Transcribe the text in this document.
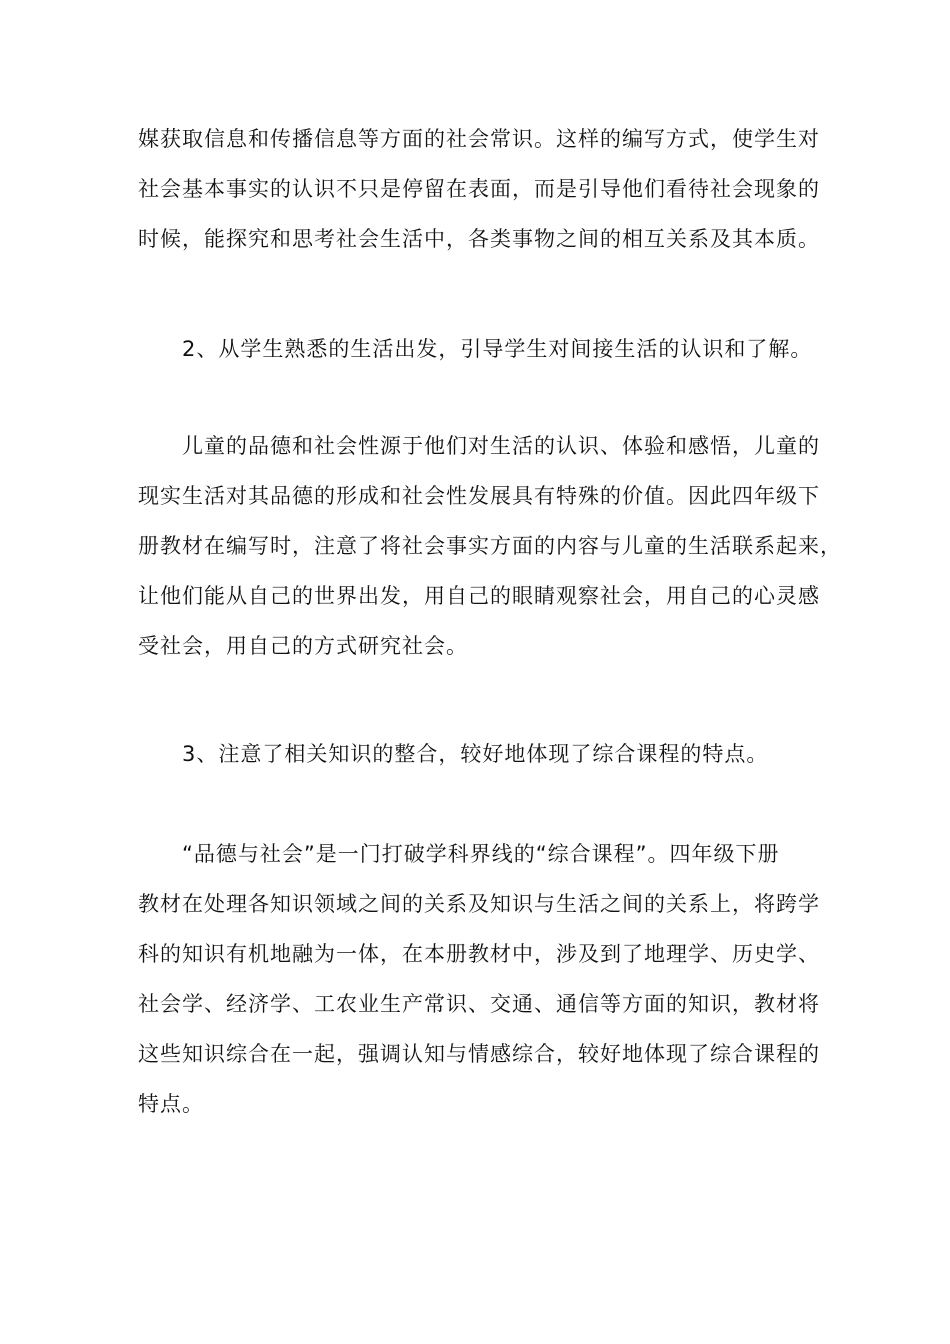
媒获取信息和传播信息等方面的社会常识。这样的编写方式，使学生对
社会基本事实的认识不只是停留在表面，而是引导他们看待社会现象的
时候，能探究和思考社会生活中，各类事物之间的相互关系及其本质。

2、从学生熟悉的生活出发，引导学生对间接生活的认识和了解。

儿童的品德和社会性源于他们对生活的认识、体验和感悟，儿童的
现实生活对其品德的形成和社会性发展具有特殊的价值。因此四年级下
册教材在编写时，注意了将社会事实方面的内容与儿童的生活联系起来，
让他们能从自己的世界出发，用自己的眼睛观察社会，用自己的心灵感
受社会，用自己的方式研究社会。

3、注意了相关知识的整合，较好地体现了综合课程的特点。

“品德与社会”是一门打破学科界线的“综合课程”。四年级下册
教材在处理各知识领域之间的关系及知识与生活之间的关系上，将跨学
科的知识有机地融为一体，在本册教材中，涉及到了地理学、历史学、
社会学、经济学、工农业生产常识、交通、通信等方面的知识，教材将
这些知识综合在一起，强调认知与情感综合，较好地体现了综合课程的
特点。
